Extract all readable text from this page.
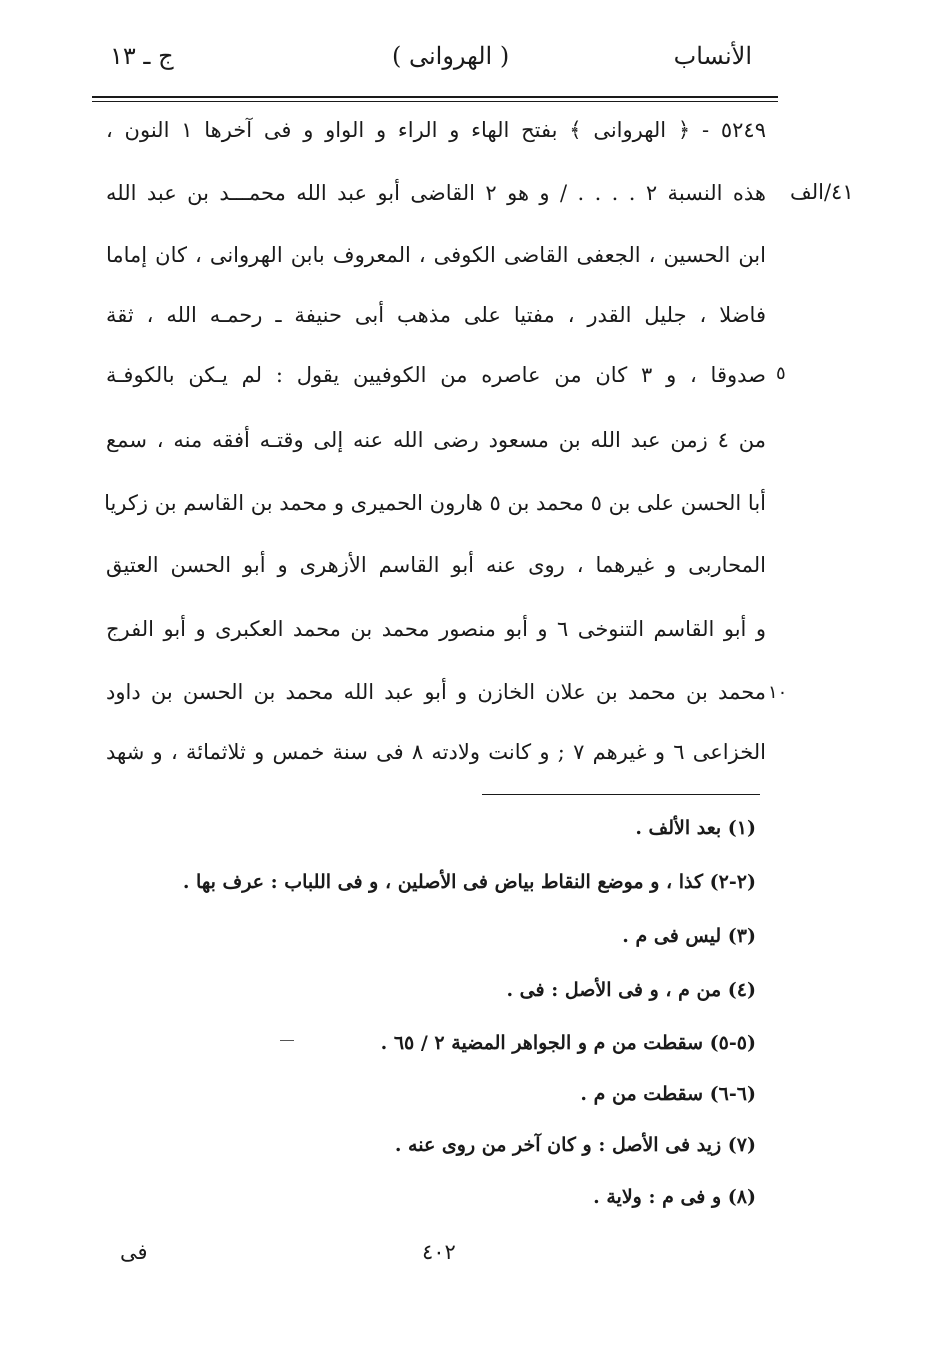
الأنساب
( الهروانى )
ج ـ ١٣
٤١/الف
٥
١٠
٥٢٤٩ - ﴿ الهروانى ﴾ بفتح الهاء و الراء و الواو و فى آخرها ١ النون ،
هذه النسبة ٢ . . . . / و هو ٢ القاضى أبو عبد الله محمـــد بن عبد الله
ابن الحسين ، الجعفى القاضى الكوفى ، المعروف بابن الهروانى ، كان إماما
فاضلا ، جليل القدر ، مفتيا على مذهب أبى حنيفة ـ رحمـه الله ، ثقة
صدوقا ، و ٣ كان من عاصره من الكوفيين يقول : لم يـكن بالكوفـة
من ٤ زمن عبد الله بن مسعود رضى الله عنه إلى وقتـه أفقه منه ، سمع
أبا الحسن على بن ٥ محمد بن ٥ هارون الحميرى و محمد بن القاسم بن زكريا
المحاربى و غيرهما ، روى عنه أبو القاسم الأزهرى و أبو الحسن العتيق
و أبو القاسم التنوخى ٦ و أبو منصور محمد بن محمد العكبرى و أبو الفرج
محمد بن محمد بن علان الخازن و أبو عبد الله محمد بن الحسن بن داود
الخزاعى ٦ و غيرهم ٧ ; و كانت ولادته ٨ فى سنة خمس و ثلاثمائة ، و شهد
(١) بعد الألف .
(٢-٢) كذا ، و موضع النقاط بياض فى الأصلين ، و فى اللباب : عرف بها .
(٣) ليس فى م .
(٤) من م ، و فى الأصل : فى .
(٥-٥) سقطت من م و الجواهر المضية ٢ / ٦٥ .
(٦-٦) سقطت من م .
(٧) زيد فى الأصل : و كان آخر من روى عنه .
(٨) و فى م : ولاية .
٤٠٢
فى
